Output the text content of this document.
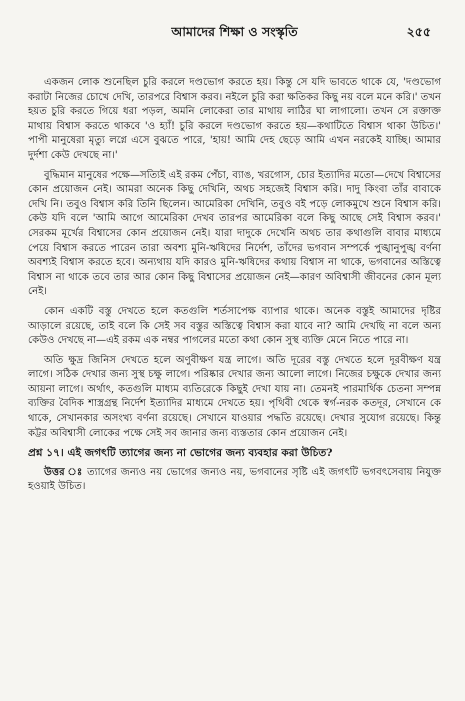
আমাদের শিক্ষা ও সংস্কৃতি	২৫৫

একজন লোক শুনেছিল চুরি করলে দণ্ডভোগ করতে হয়। কিন্তু সে যদি ভাবতে থাকে যে, 'দণ্ডভোগ করাটা নিজের চোখে দেখি, তারপরে বিশ্বাস করব। নইলে চুরি করা ক্ষতিকর কিছু নয় বলে মনে করি।' তখন হয়ত চুরি করতে গিয়ে ধরা পড়ল, অমনি লোকেরা তার মাথায় লাঠির ঘা লাগালো। তখন সে রক্তাক্ত মাথায় বিশ্বাস করতে থাকবে 'ও হ্যাঁ! চুরি করলে দণ্ডভোগ করতে হয়—কথাটিতে বিশ্বাস থাকা উচিত।' পাপী মানুষেরা মৃত্যু লগ্নে এসে বুঝতে পারে, 'হায়! আমি দেহ ছেড়ে আমি এখন নরকেই যাচ্ছি। আমার দুর্দশা কেউ দেখছে না।'

বুদ্ধিমান মানুষের পক্ষে—সত্যিই এই রকম পেঁচা, ব্যাঙ, খরগোস, চোর ইত্যাদির মতো—দেখে বিশ্বাসের কোন প্রয়োজন নেই। আমরা অনেক কিছু দেখিনি, অথচ সহজেই বিশ্বাস করি। দাদু কিংবা তাঁর বাবাকে দেখি নি। তবুও বিশ্বাস করি তিনি ছিলেন। আমেরিকা দেখিনি, তবুও বই পড়ে লোকমুখে শুনে বিশ্বাস করি। কেউ যদি বলে 'আমি আগে আমেরিকা দেখব তারপর আমেরিকা বলে কিছু আছে সেই বিশ্বাস করব।' সেরকম মূর্খের বিশ্বাসের কোন প্রয়োজন নেই। যারা দাদুকে দেখেনি অথচ তার কথাগুলি বাবার মাধ্যমে পেয়ে বিশ্বাস করতে পারেন তারা অবশ্য মুনি-ঋষিদের নির্দেশ, তাঁদের ভগবান সম্পর্কে পুঙ্খানুপুঙ্খ বর্ণনা অবশ্যই বিশ্বাস করতে হবে। অন্যথায় যদি কারও মুনি-ঋষিদের কথায় বিশ্বাস না থাকে, ভগবানের অস্তিত্বে বিশ্বাস না থাকে তবে তার আর কোন কিছু বিশ্বাসের প্রয়োজন নেই—কারণ অবিশ্বাসী জীবনের কোন মূল্য নেই।

কোন একটি বস্তু দেখতে হলে কতগুলি শর্তসাপেক্ষ ব্যাপার থাকে। অনেক বস্তুই আমাদের দৃষ্টির আড়ালে রয়েছে, তাই বলে কি সেই সব বস্তুর অস্তিত্বে বিশ্বাস করা যাবে না? আমি দেখছি না বলে অন্য কেউও দেখছে না—এই রকম এক নম্বর পাগলের মতো কথা কোন সুস্থ ব্যক্তি মেনে নিতে পারে না।

অতি ক্ষুদ্র জিনিস দেখতে হলে অণুবীক্ষণ যন্ত্র লাগে। অতি দূরের বস্তু দেখতে হলে দূরবীক্ষণ যন্ত্র লাগে। সঠিক দেখার জন্য সুস্থ চক্ষু লাগে। পরিষ্কার দেখার জন্য আলো লাগে। নিজের চক্ষুকে দেখার জন্য আয়না লাগে। অর্থাৎ, কতগুলি মাধ্যম ব্যতিরেকে কিছুই দেখা যায় না। তেমনই পারমার্থিক চেতনা সম্পন্ন ব্যক্তির বৈদিক শাস্ত্রগ্রন্থ নির্দেশ ইত্যাদির মাধ্যমে দেখতে হয়। পৃথিবী থেকে স্বর্গ-নরক কতদূর, সেখানে কে থাকে, সেখানকার অসংখ্য বর্ণনা রয়েছে। সেখানে যাওয়ার পদ্ধতি রয়েছে। দেখার সুযোগ রয়েছে। কিন্তু কট্টর অবিশ্বাসী লোকের পক্ষে সেই সব জানার জন্য ব্যস্ততার কোন প্রয়োজন নেই।

প্রশ্ন ১৭। এই জগৎটি ত্যাগের জন্য না ভোগের জন্য ব্যবহার করা উচিত?

উত্তর ঃ ত্যাগের জন্যও নয় ভোগের জন্যও নয়, ভগবানের সৃষ্টি এই জগৎটি ভগবৎসেবায় নিযুক্ত হওয়াই উচিত।
